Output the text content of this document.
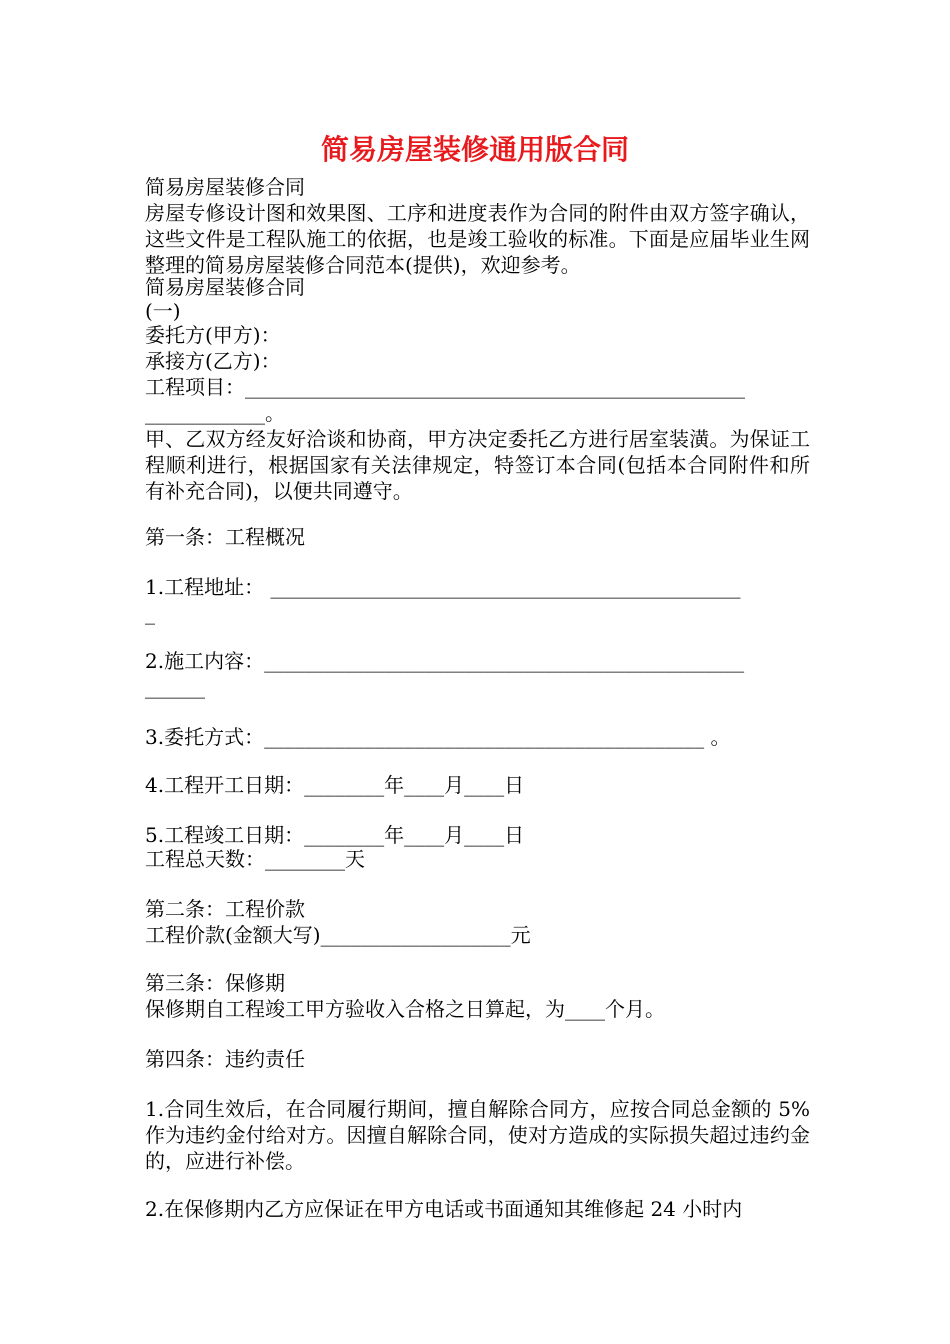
简易房屋装修通用版合同
简易房屋装修合同
房屋专修设计图和效果图、工序和进度表作为合同的附件由双方签字确认，这些文件是工程队施工的依据，也是竣工验收的标准。下面是应届毕业生网整理的简易房屋装修合同范本(提供)，欢迎参考。
简易房屋装修合同
(一)
委托方(甲方)：
承接方(乙方)：
工程项目：__________________________________________________
____________。
甲、乙双方经友好洽谈和协商，甲方决定委托乙方进行居室装潢。为保证工程顺利进行，根据国家有关法律规定，特签订本合同(包括本合同附件和所有补充合同)，以便共同遵守。
第一条：工程概况
1.工程地址： _______________________________________________
_
2.施工内容：________________________________________________
______
3.委托方式：____________________________________________ 。
4.工程开工日期：________年____月____日
5.工程竣工日期：________年____月____日
工程总天数：________天
第二条：工程价款
工程价款(金额大写)___________________元
第三条：保修期
保修期自工程竣工甲方验收入合格之日算起，为____个月。
第四条：违约责任
1.合同生效后，在合同履行期间，擅自解除合同方，应按合同总金额的 5%作为违约金付给对方。因擅自解除合同，使对方造成的实际损失超过违约金的，应进行补偿。
2.在保修期内乙方应保证在甲方电话或书面通知其维修起 24 小时内
